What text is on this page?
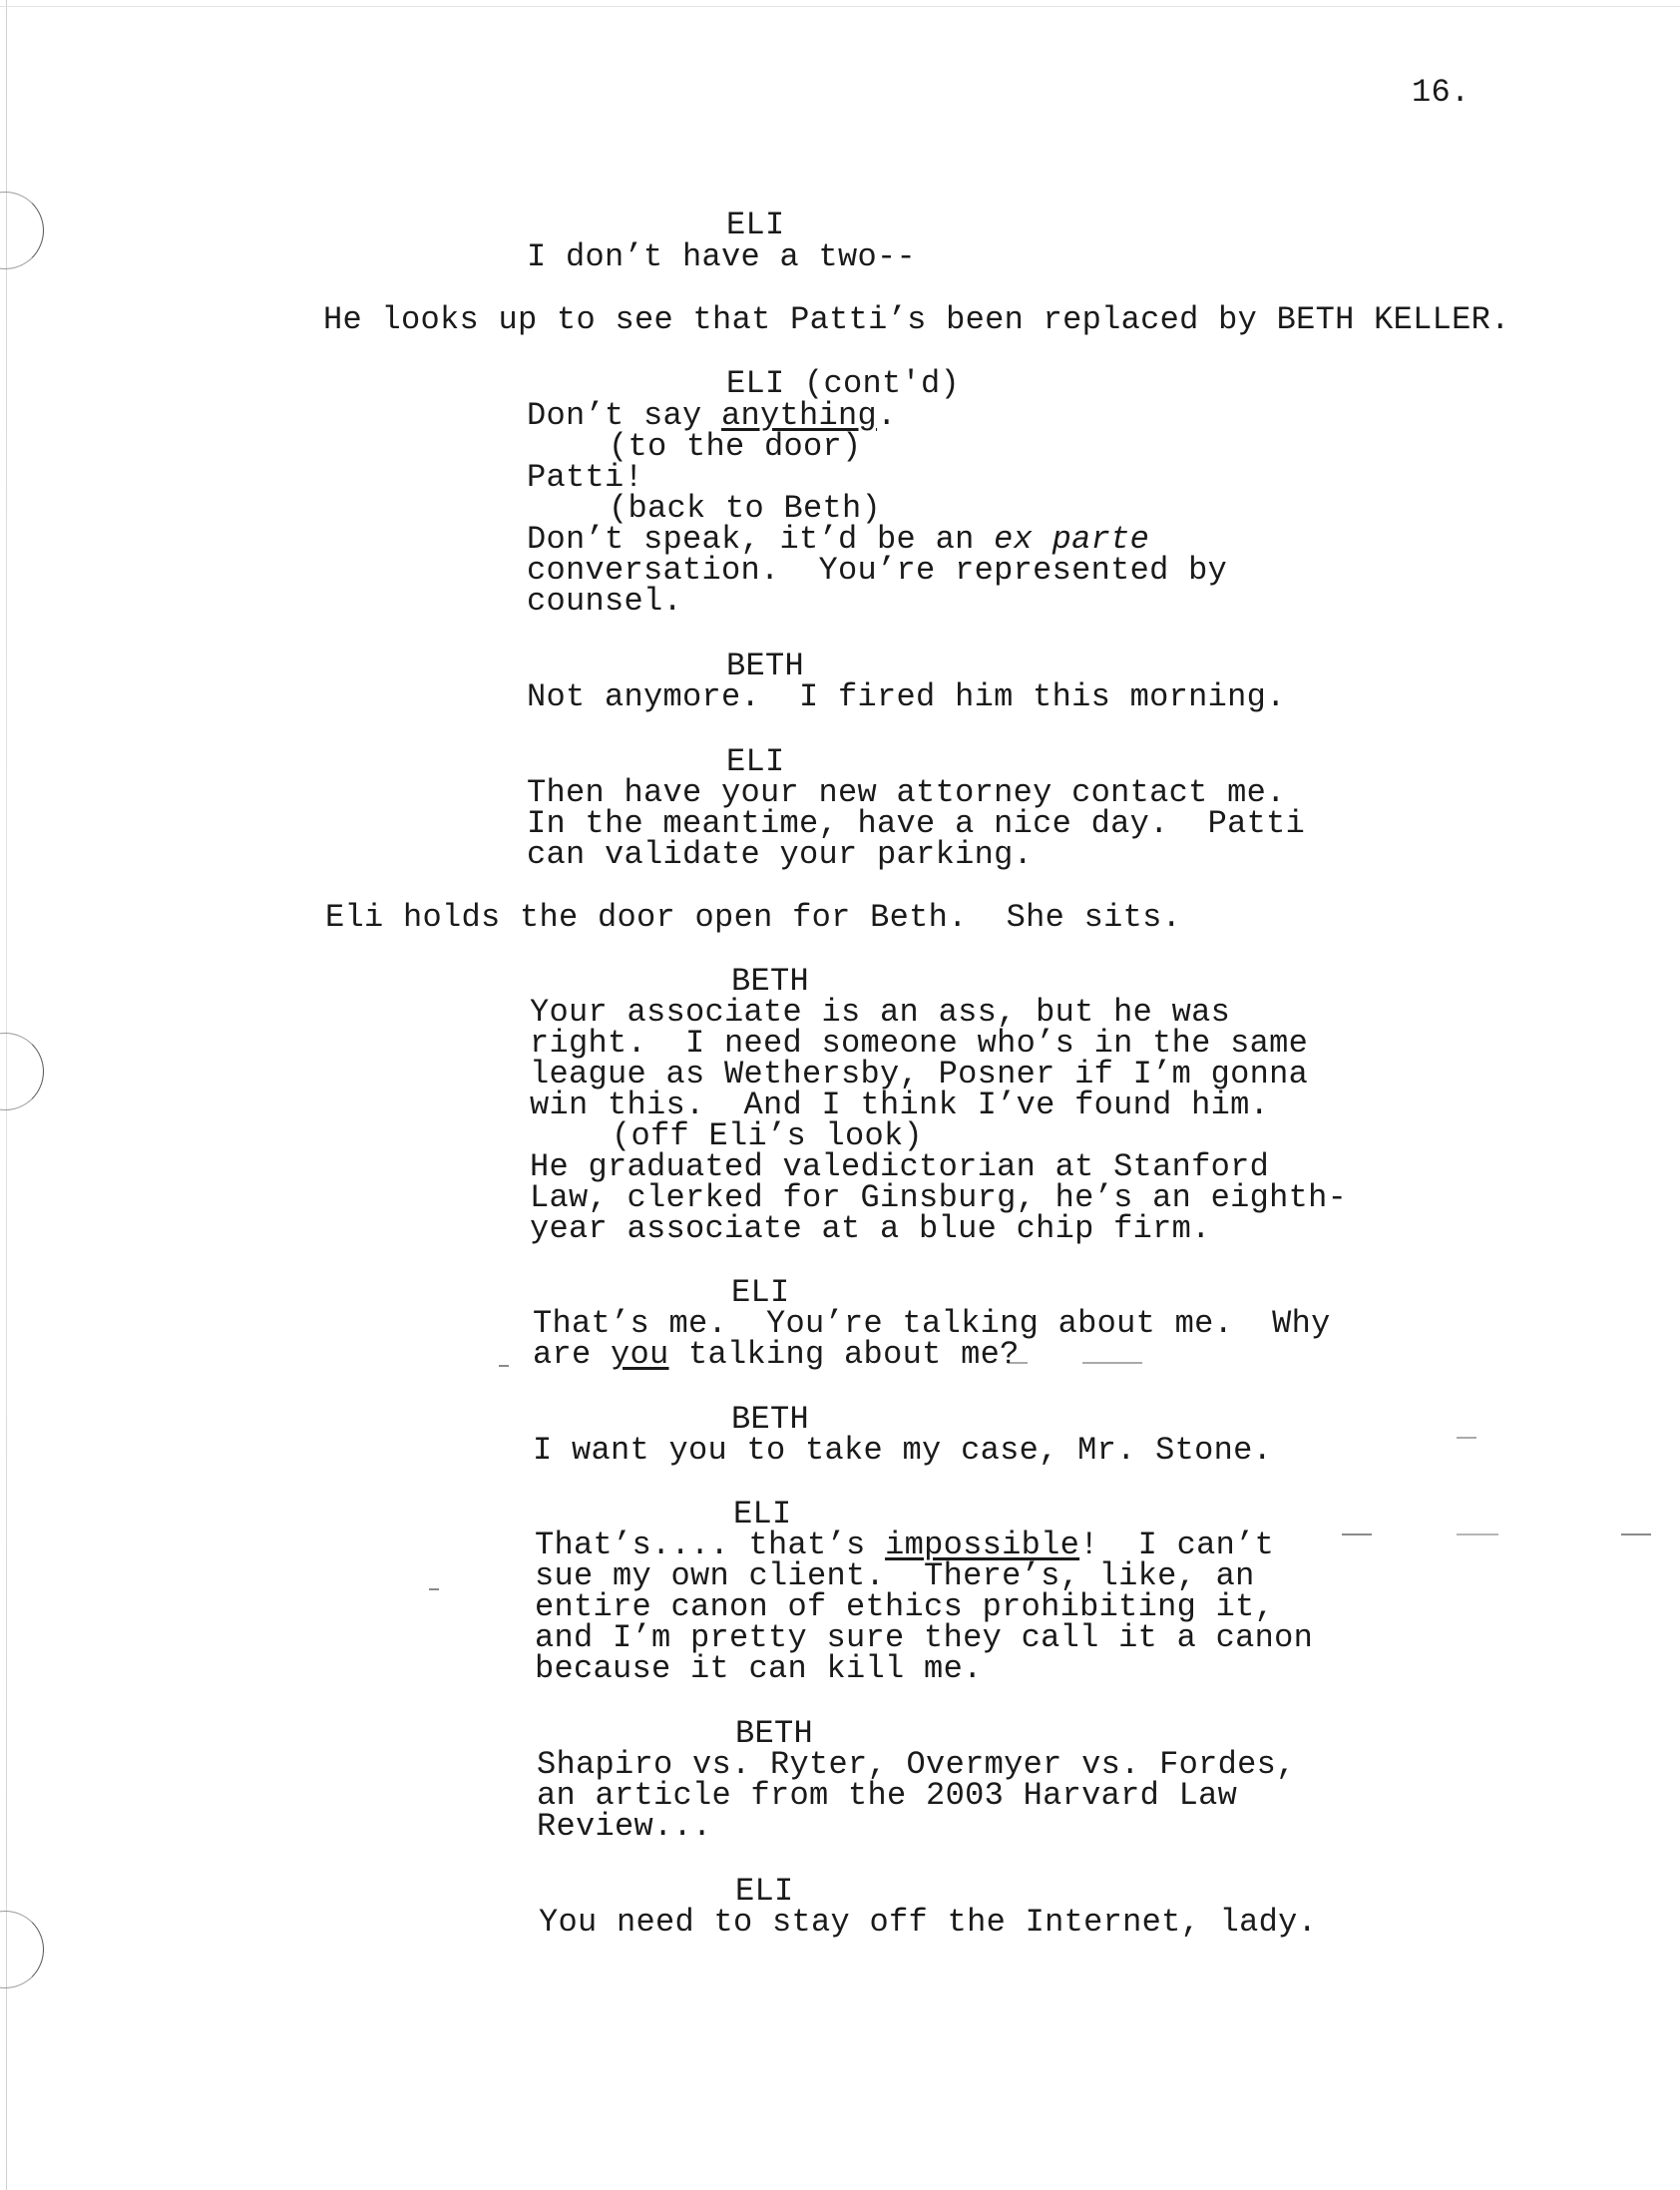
16.
ELI
I don’t have a two--
He looks up to see that Patti’s been replaced by BETH KELLER.
ELI (cont'd)
Don’t say anything.
(to the door)
Patti!
(back to Beth)
Don’t speak, it’d be an ex parte
conversation.  You’re represented by
counsel.
BETH
Not anymore.  I fired him this morning.
ELI
Then have your new attorney contact me.
In the meantime, have a nice day.  Patti
can validate your parking.
Eli holds the door open for Beth.  She sits.
BETH
Your associate is an ass, but he was
right.  I need someone who’s in the same
league as Wethersby, Posner if I’m gonna
win this.  And I think I’ve found him.
(off Eli’s look)
He graduated valedictorian at Stanford
Law, clerked for Ginsburg, he’s an eighth-
year associate at a blue chip firm.
ELI
That’s me.  You’re talking about me.  Why
are you talking about me?
BETH
I want you to take my case, Mr. Stone.
ELI
That’s.... that’s impossible!  I can’t
sue my own client.  There’s, like, an
entire canon of ethics prohibiting it,
and I’m pretty sure they call it a canon
because it can kill me.
BETH
Shapiro vs. Ryter, Overmyer vs. Fordes,
an article from the 2003 Harvard Law
Review...
ELI
You need to stay off the Internet, lady.
